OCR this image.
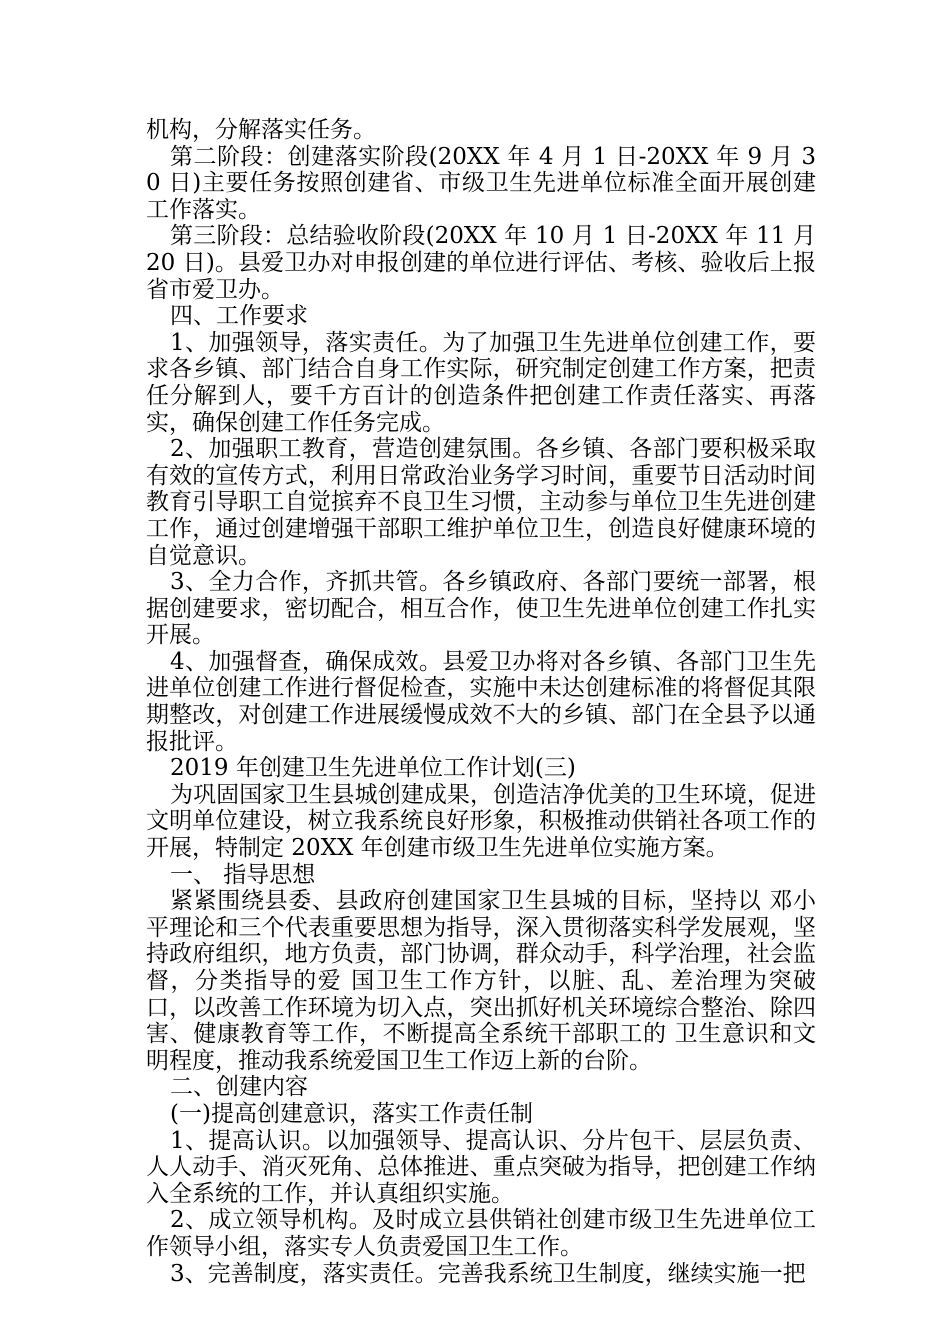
机构，分解落实任务。

第二阶段：创建落实阶段(20XX 年 4 月 1 日-20XX 年 9 月 30 日)主要任务按照创建省、市级卫生先进单位标准全面开展创建工作落实。

第三阶段：总结验收阶段(20XX 年 10 月 1 日-20XX 年 11 月 20 日)。县爱卫办对申报创建的单位进行评估、考核、验收后上报省市爱卫办。

四、工作要求

1、加强领导，落实责任。为了加强卫生先进单位创建工作，要求各乡镇、部门结合自身工作实际，研究制定创建工作方案，把责任分解到人，要千方百计的创造条件把创建工作责任落实、再落实，确保创建工作任务完成。

2、加强职工教育，营造创建氛围。各乡镇、各部门要积极采取有效的宣传方式，利用日常政治业务学习时间，重要节日活动时间教育引导职工自觉摈弃不良卫生习惯，主动参与单位卫生先进创建工作，通过创建增强干部职工维护单位卫生，创造良好健康环境的自觉意识。

3、全力合作，齐抓共管。各乡镇政府、各部门要统一部署，根据创建要求，密切配合，相互合作，使卫生先进单位创建工作扎实开展。

4、加强督查，确保成效。县爱卫办将对各乡镇、各部门卫生先进单位创建工作进行督促检查，实施中未达创建标准的将督促其限期整改，对创建工作进展缓慢成效不大的乡镇、部门在全县予以通报批评。

2019 年创建卫生先进单位工作计划(三)

为巩固国家卫生县城创建成果，创造洁净优美的卫生环境，促进文明单位建设，树立我系统良好形象，积极推动供销社各项工作的开展，特制定 20XX 年创建市级卫生先进单位实施方案。

一、 指导思想

紧紧围绕县委、县政府创建国家卫生县城的目标，坚持以 邓小平理论和三个代表重要思想为指导，深入贯彻落实科学发展观，坚持政府组织，地方负责，部门协调，群众动手，科学治理，社会监督，分类指导的爱 国卫生工作方针，以脏、乱、差治理为突破口，以改善工作环境为切入点，突出抓好机关环境综合整治、除四害、健康教育等工作，不断提高全系统干部职工的 卫生意识和文明程度，推动我系统爱国卫生工作迈上新的台阶。

二、创建内容

(一)提高创建意识，落实工作责任制

1、提高认识。以加强领导、提高认识、分片包干、层层负责、人人动手、消灭死角、总体推进、重点突破为指导，把创建工作纳入全系统的工作，并认真组织实施。

2、成立领导机构。及时成立县供销社创建市级卫生先进单位工作领导小组，落实专人负责爱国卫生工作。

3、完善制度，落实责任。完善我系统卫生制度，继续实施一把
